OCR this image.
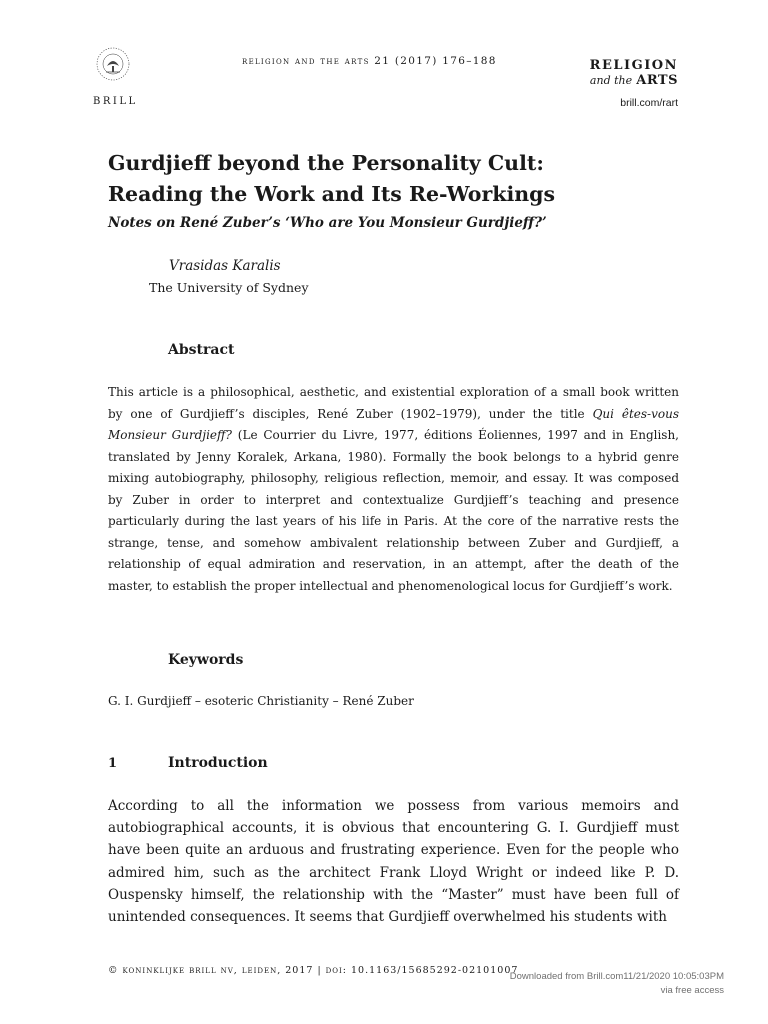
BRILL
religion and the arts 21 (2017) 176–188	RELIGION
and the ARTS
brill.com/rart
Gurdjieff beyond the Personality Cult:
Reading the Work and Its Re-Workings
Notes on René Zuber’s ‘Who are You Monsieur Gurdjieff?’
Vrasidas Karalis
The University of Sydney
Abstract
This article is a philosophical, aesthetic, and existential exploration of a small book written by one of Gurdjieff’s disciples, René Zuber (1902–1979), under the title Qui êtes-vous Monsieur Gurdjieff? (Le Courrier du Livre, 1977, éditions Éoliennes, 1997 and in English, translated by Jenny Koralek, Arkana, 1980). Formally the book belongs to a hybrid genre mixing autobiography, philosophy, religious reflection, memoir, and essay. It was composed by Zuber in order to interpret and contextualize Gurdjieff’s teaching and presence particularly during the last years of his life in Paris. At the core of the narrative rests the strange, tense, and somehow ambivalent relationship between Zuber and Gurdjieff, a relationship of equal admiration and reservation, in an attempt, after the death of the master, to establish the proper intellectual and phenomenological locus for Gurdjieff’s work.
Keywords
G. I. Gurdjieff – esoteric Christianity – René Zuber
1	Introduction
According to all the information we possess from various memoirs and autobiographical accounts, it is obvious that encountering G. I. Gurdjieff must have been quite an arduous and frustrating experience. Even for the people who admired him, such as the architect Frank Lloyd Wright or indeed like P. D. Ouspensky himself, the relationship with the “Master” must have been full of unintended consequences. It seems that Gurdjieff overwhelmed his students with
© koninklijke brill nv, leiden, 2017 | doi: 10.1163/15685292-02101007
Downloaded from Brill.com11/21/2020 10:05:03PM
via free access
